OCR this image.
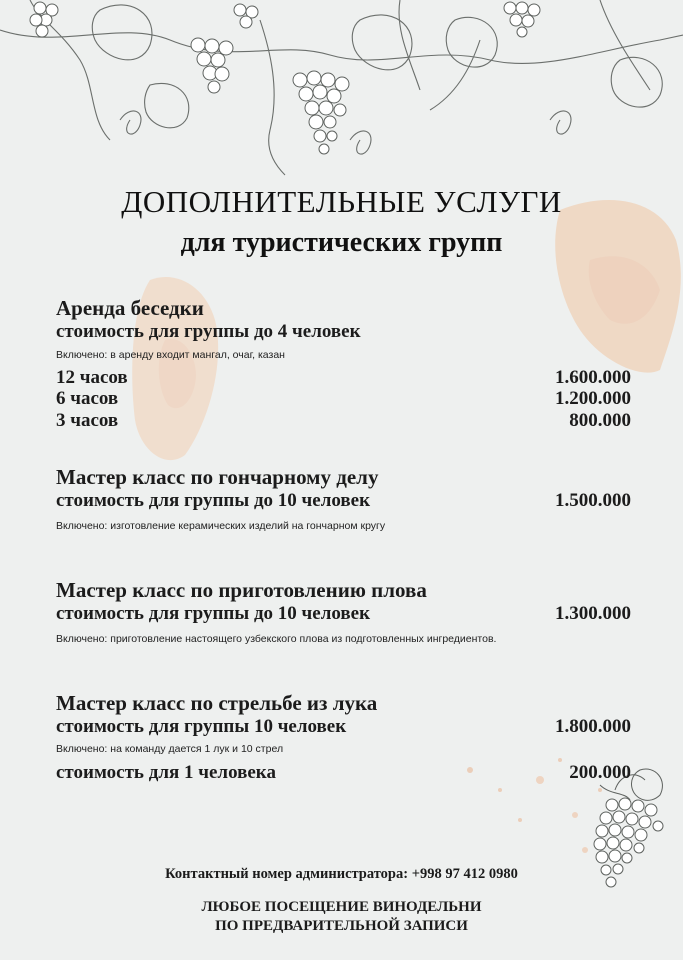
ДОПОЛНИТЕЛЬНЫЕ УСЛУГИ
для туристических групп
Аренда беседки
стоимость для группы до 4 человек
Включено: в аренду входит мангал, очаг, казан
12 часов	1.600.000
6 часов	1.200.000
3 часов	800.000
Мастер класс по гончарному делу
стоимость для группы до 10 человек	1.500.000
Включено: изготовление керамических изделий на гончарном кругу
Мастер класс по приготовлению плова
стоимость для группы до 10 человек	1.300.000
Включено: приготовление настоящего узбекского плова из подготовленных ингредиентов.
Мастер класс по стрельбе из лука
стоимость для группы 10 человек	1.800.000
Включено: на команду дается 1 лук и 10 стрел
стоимость для 1 человека	200.000
Контактный номер администратора: +998 97 412 0980
ЛЮБОЕ ПОСЕЩЕНИЕ ВИНОДЕЛЬНИ
ПО ПРЕДВАРИТЕЛЬНОЙ ЗАПИСИ
